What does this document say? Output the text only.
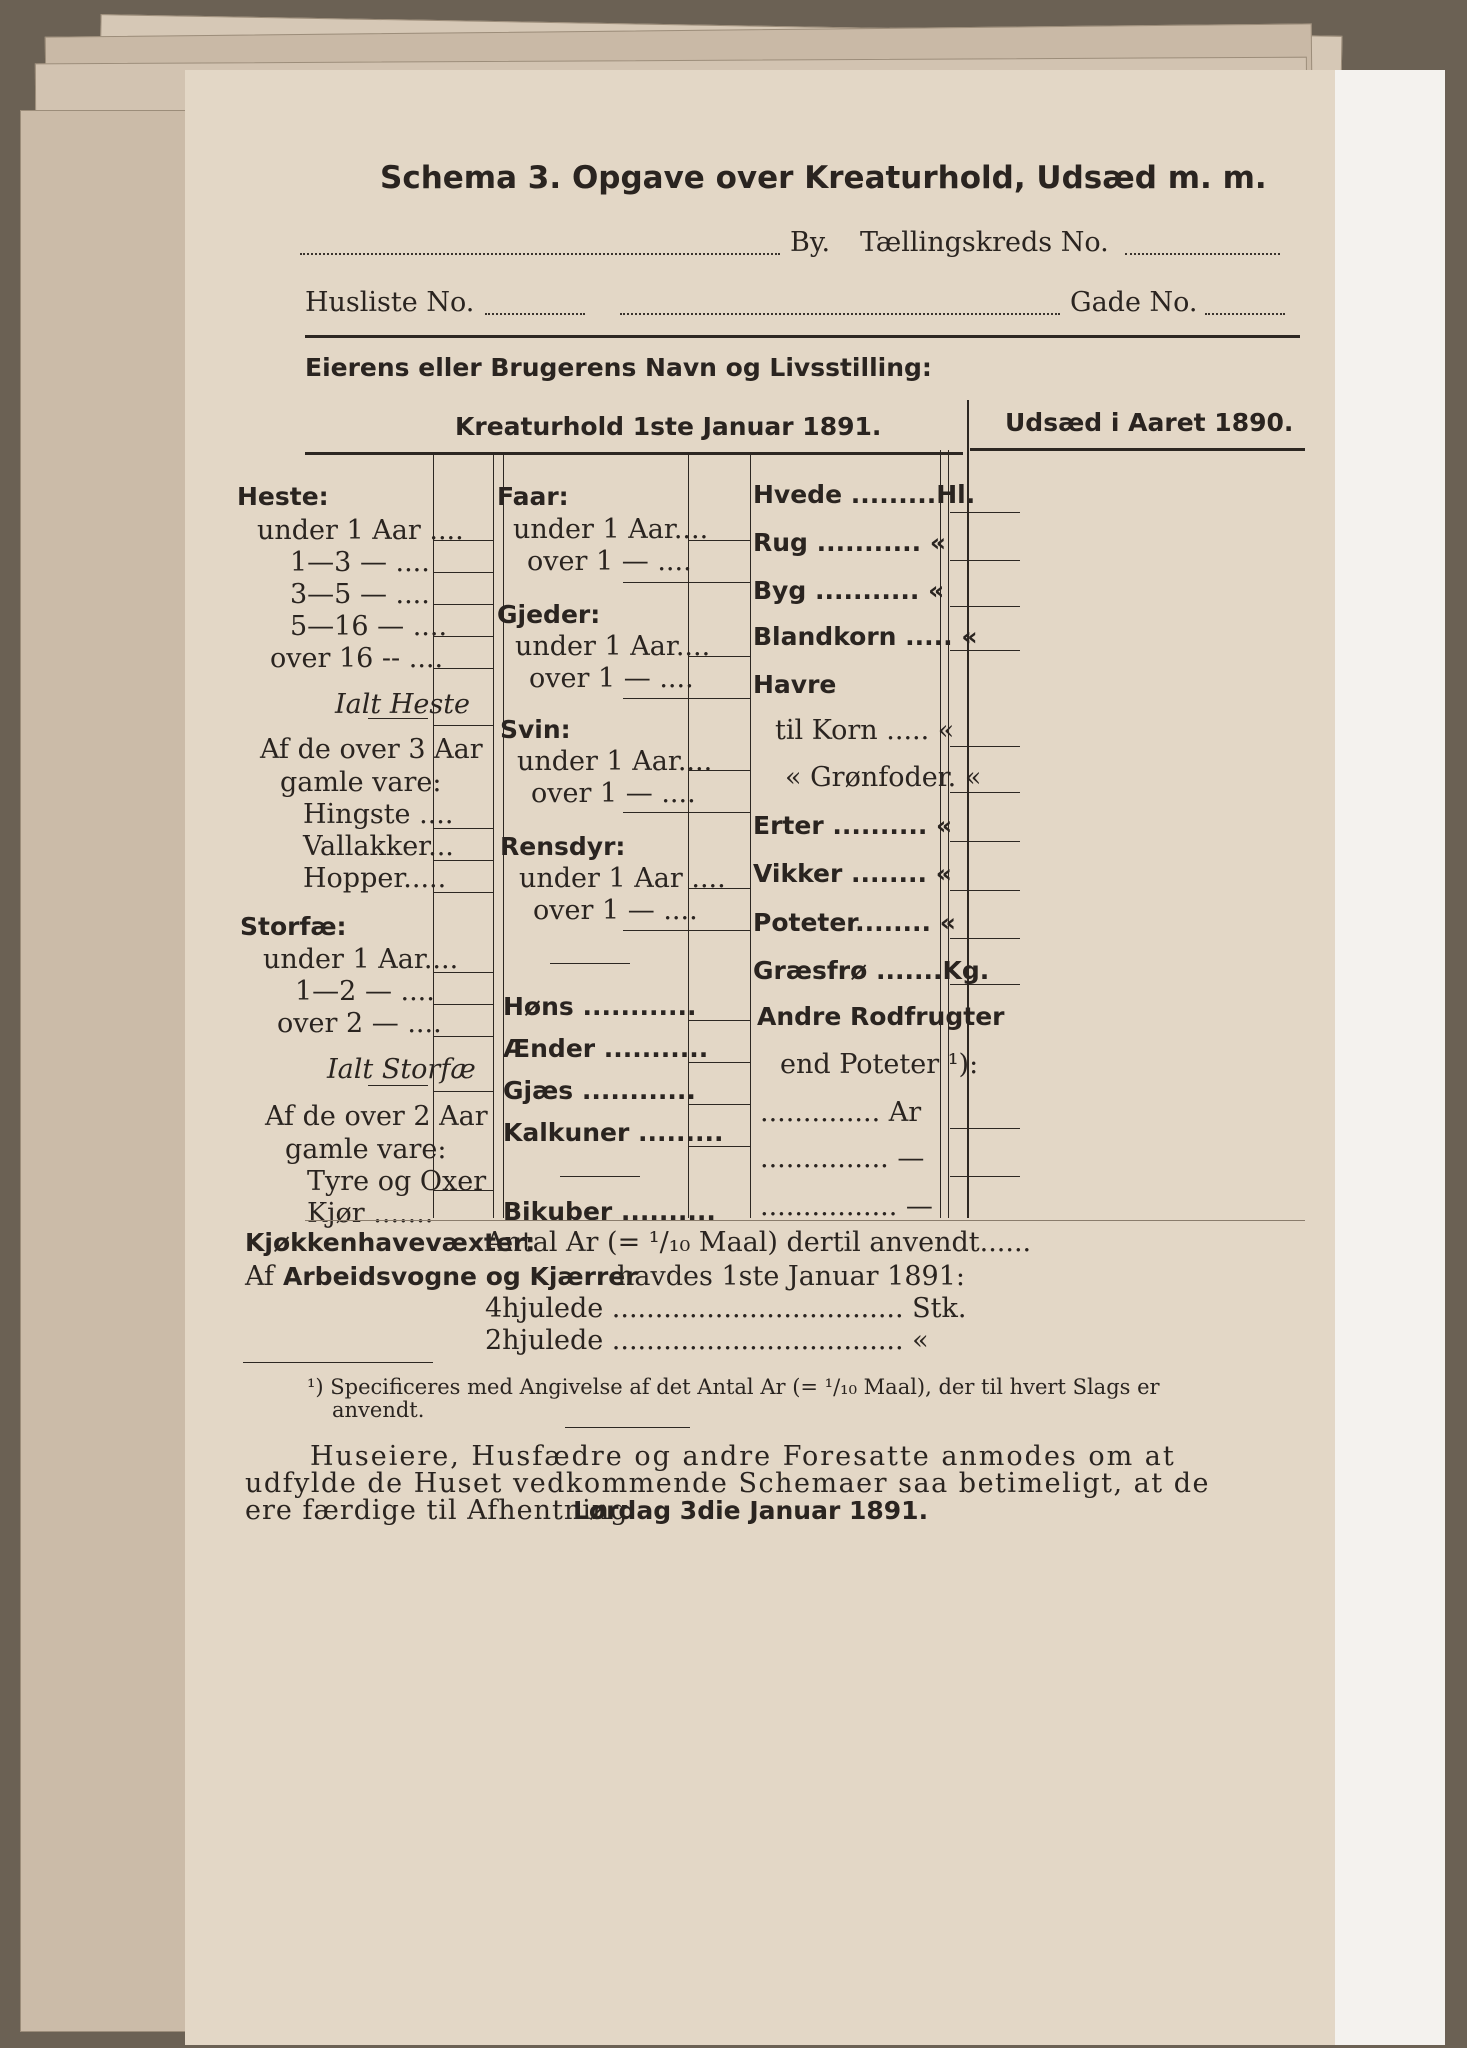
Schema 3. Opgave over Kreaturhold, Udsæd m. m.
By. Tællingskreds No.
Husliste No.	Gade No.
Eierens eller Brugerens Navn og Livsstilling:
Kreaturhold 1ste Januar 1891.	Udsæd i Aaret 1890.
Heste:
under 1 Aar ....
1—3 — ....
3—5 — ....
5—16 — ....
over 16 -- ....
Ialt Heste
Af de over 3 Aar
gamle vare:
Hingste ....
Vallakker...
Hopper.....
Storfæ:
under 1 Aar....
1—2 — ....
over 2 — ....
Ialt Storfæ
Af de over 2 Aar
gamle vare:
Tyre og Oxer
Kjør .......
Faar:
under 1 Aar....
over 1 — ....
Gjeder:
under 1 Aar....
over 1 — ....
Svin:
under 1 Aar....
over 1 — ....
Rensdyr:
under 1 Aar ....
over 1 — ....
Høns ............
Ænder ...........
Gjæs ............
Kalkuner .........
Bikuber ..........
Hvede .........Hl.
Rug ........... «
Byg ........... «
Blandkorn ..... «
Havre
til Korn ..... «
« Grønfoder. «
Erter .......... «
Vikker ........ «
Poteter........ «
Græsfrø .......Kg.
Andre Rodfrugter
end Poteter ¹):
.............. Ar
............... —
................ —
Kjøkkenhavevæxter:
Antal Ar (= ¹/₁₀ Maal) dertil anvendt......
Af Arbeidsvogne og Kjærrer
havdes 1ste Januar 1891:
4hjulede .................................. Stk.
2hjulede .................................. «
¹) Specificeres med Angivelse af det Antal Ar (= ¹/₁₀ Maal), der til hvert Slags er
anvendt.
Huseiere, Husfædre og andre Foresatte anmodes om at
udfylde de Huset vedkommende Schemaer saa betimeligt, at de
ere færdige til Afhentning
Lørdag 3die Januar 1891.
